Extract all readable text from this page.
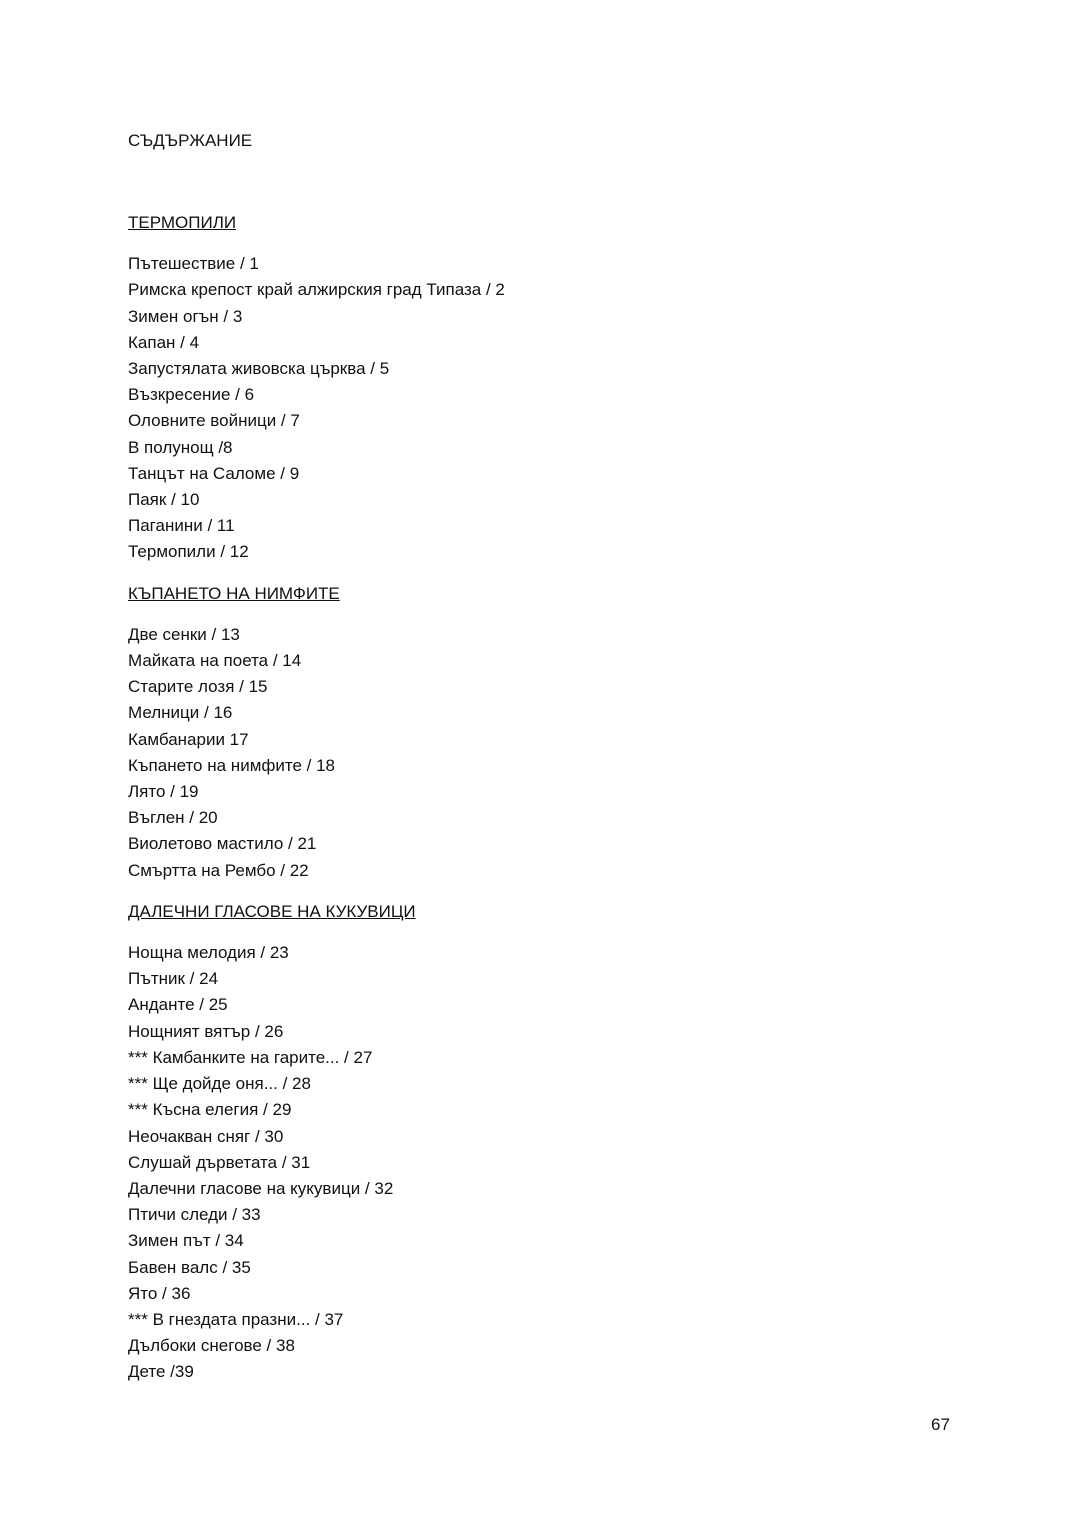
СЪДЪРЖАНИЕ
ТЕРМОПИЛИ
Пътешествие / 1
Римска крепост край алжирския град Типаза / 2
Зимен огън / 3
Капан / 4
Запустялата живовска църква / 5
Възкресение / 6
Оловните войници / 7
В полунощ /8
Танцът на Саломе / 9
Паяк / 10
Паганини / 11
Термопили / 12
КЪПАНЕТО НА НИМФИТЕ
Две сенки / 13
Майката на поета / 14
Старите лозя / 15
Мелници / 16
Камбанарии 17
Къпането на нимфите / 18
Лято / 19
Въглен / 20
Виолетово мастило / 21
Смъртта на Рембо / 22
ДАЛЕЧНИ ГЛАСОВЕ НА КУКУВИЦИ
Нощна мелодия / 23
Пътник / 24
Анданте / 25
Нощният вятър / 26
*** Камбанките на гарите... / 27
*** Ще дойде оня... / 28
*** Късна елегия / 29
Неочакван сняг / 30
Слушай дърветата / 31
Далечни гласове на кукувици / 32
Птичи следи / 33
Зимен път / 34
Бавен валс / 35
Ято / 36
*** В гнездата празни... / 37
Дълбоки снегове / 38
Дете /39
67
